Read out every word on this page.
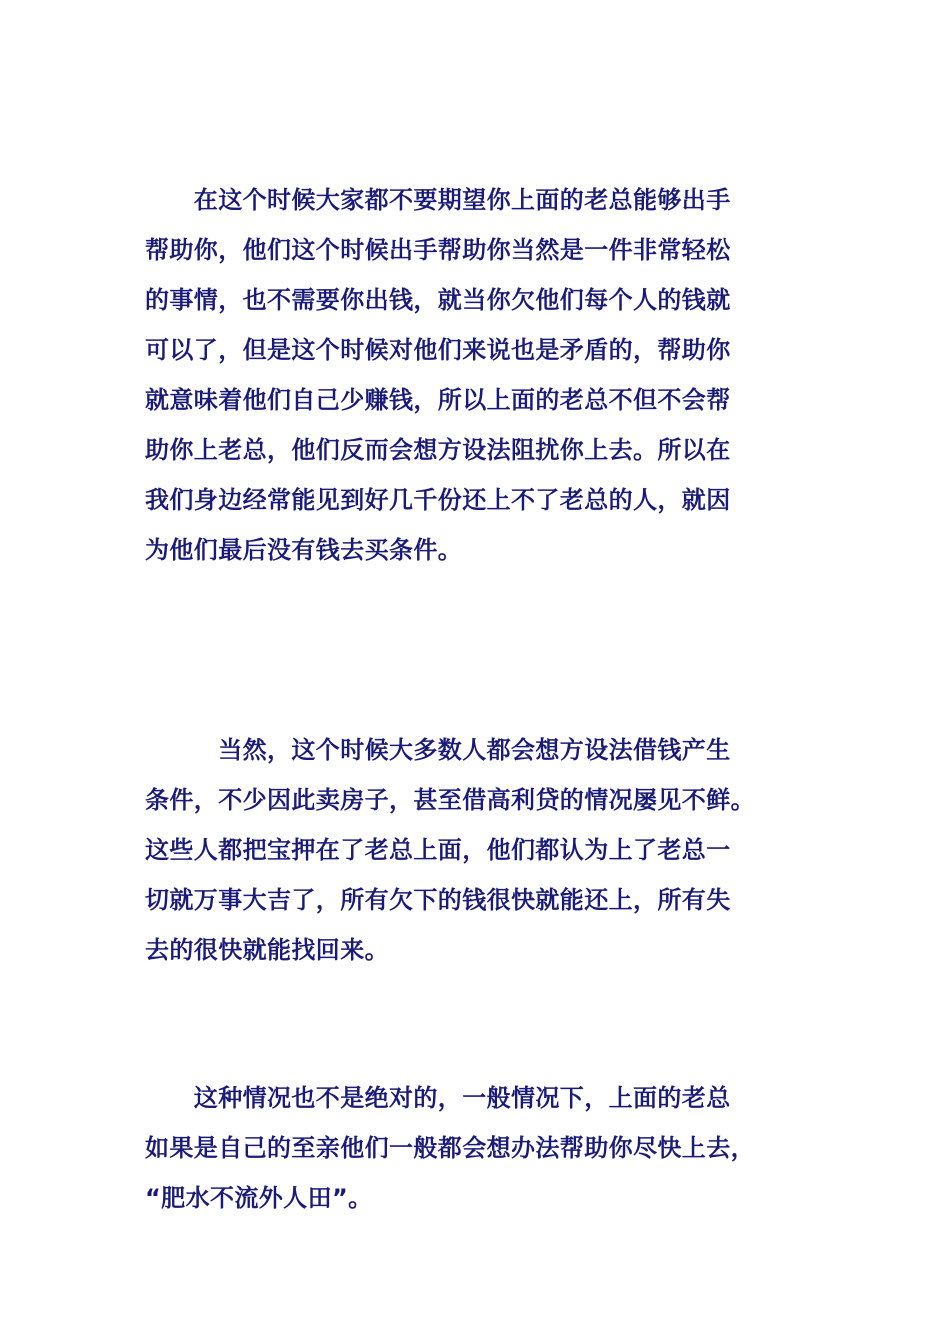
　　在这个时候大家都不要期望你上面的老总能够出手
帮助你，他们这个时候出手帮助你当然是一件非常轻松
的事情，也不需要你出钱，就当你欠他们每个人的钱就
可以了，但是这个时候对他们来说也是矛盾的，帮助你
就意味着他们自己少赚钱，所以上面的老总不但不会帮
助你上老总，他们反而会想方设法阻扰你上去。所以在
我们身边经常能见到好几千份还上不了老总的人，就因
为他们最后没有钱去买条件。

　　　当然，这个时候大多数人都会想方设法借钱产生
条件，不少因此卖房子，甚至借高利贷的情况屡见不鲜。
这些人都把宝押在了老总上面，他们都认为上了老总一
切就万事大吉了，所有欠下的钱很快就能还上，所有失
去的很快就能找回来。

　　这种情况也不是绝对的，一般情况下，上面的老总
如果是自己的至亲他们一般都会想办法帮助你尽快上去，
“肥水不流外人田”。
